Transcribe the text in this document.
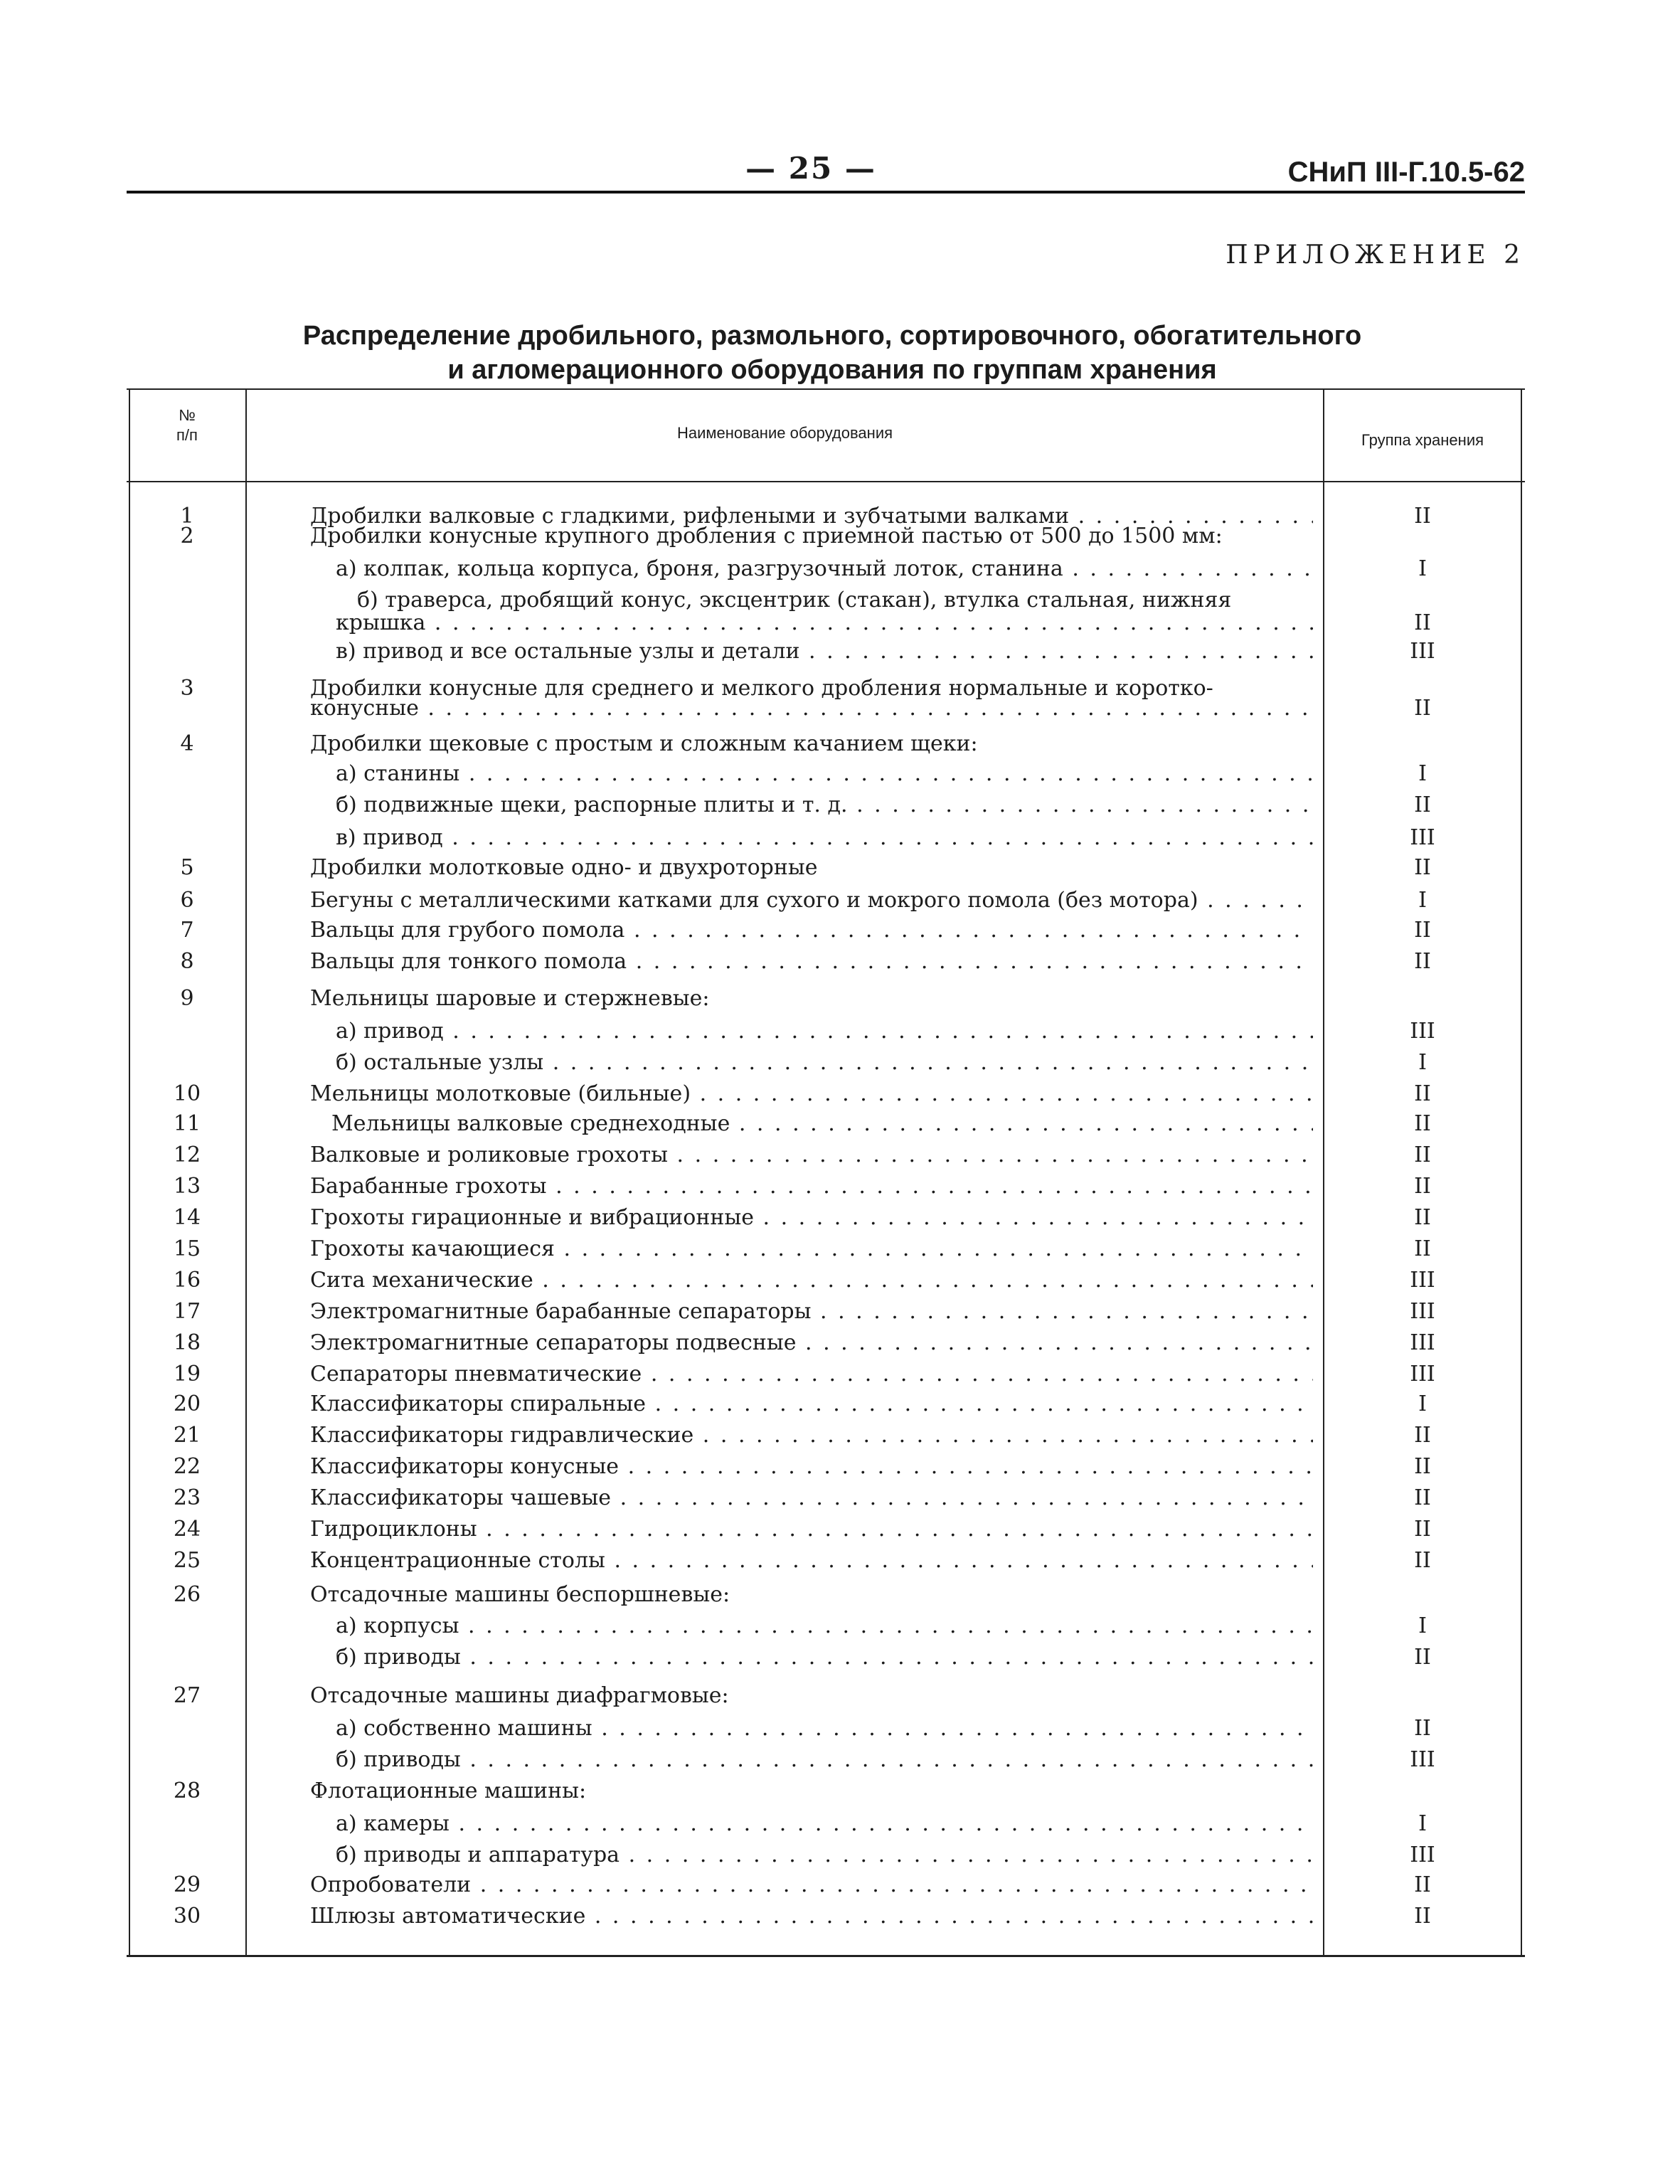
— 25 —	СНиП III-Г.10.5-62
ПРИЛОЖЕНИЕ 2
Распределение дробильного, размольного, сортировочного, обогатительного
и агломерационного оборудования по группам хранения
№
п/п	Наименование оборудования	Группа хранения
1	Дробилки валковые с гладкими, рифлеными и зубчатыми валками . . .	II
2	Дробилки конусные крупного дробления с приемной пастью от 500 до 1500 мм:
а) колпак, кольца корпуса, броня, разгрузочный лоток, станина . . .	I
б) траверса, дробящий конус, эксцентрик (стакан), втулка стальная, нижняя
крышка . . .	II
в) привод и все остальные узлы и детали . . .	III
3	Дробилки конусные для среднего и мелкого дробления нормальные и коротко-
конусные . . .	II
4	Дробилки щековые с простым и сложным качанием щеки:
а) станины . . .	I
б) подвижные щеки, распорные плиты и т. д. . . .	II
в) привод . . .	III
5	Дробилки молотковые одно- и двухроторные	II
6	Бегуны с металлическими катками для сухого и мокрого помола (без мотора) . . .	I
7	Вальцы для грубого помола . . .	II
8	Вальцы для тонкого помола . . .	II
9	Мельницы шаровые и стержневые:
а) привод . . .	III
б) остальные узлы . . .	I
10	Мельницы молотковые (бильные) . . .	II
11	Мельницы валковые среднеходные . . .	II
12	Валковые и роликовые грохоты . . .	II
13	Барабанные грохоты . . .	II
14	Грохоты гирационные и вибрационные . . .	II
15	Грохоты качающиеся . . .	II
16	Сита механические . . .	III
17	Электромагнитные барабанные сепараторы . . .	III
18	Электромагнитные сепараторы подвесные . . .	III
19	Сепараторы пневматические . . .	III
20	Классификаторы спиральные . . .	I
21	Классификаторы гидравлические . . .	II
22	Классификаторы конусные . . .	II
23	Классификаторы чашевые . . .	II
24	Гидроциклоны . . .	II
25	Концентрационные столы . . .	II
26	Отсадочные машины беспоршневые:
а) корпусы . . .	I
б) приводы . . .	II
27	Отсадочные машины диафрагмовые:
а) собственно машины . . .	II
б) приводы . . .	III
28	Флотационные машины:
а) камеры . . .	I
б) приводы и аппаратура . . .	III
29	Опробователи . . .	II
30	Шлюзы автоматические . . .	II
